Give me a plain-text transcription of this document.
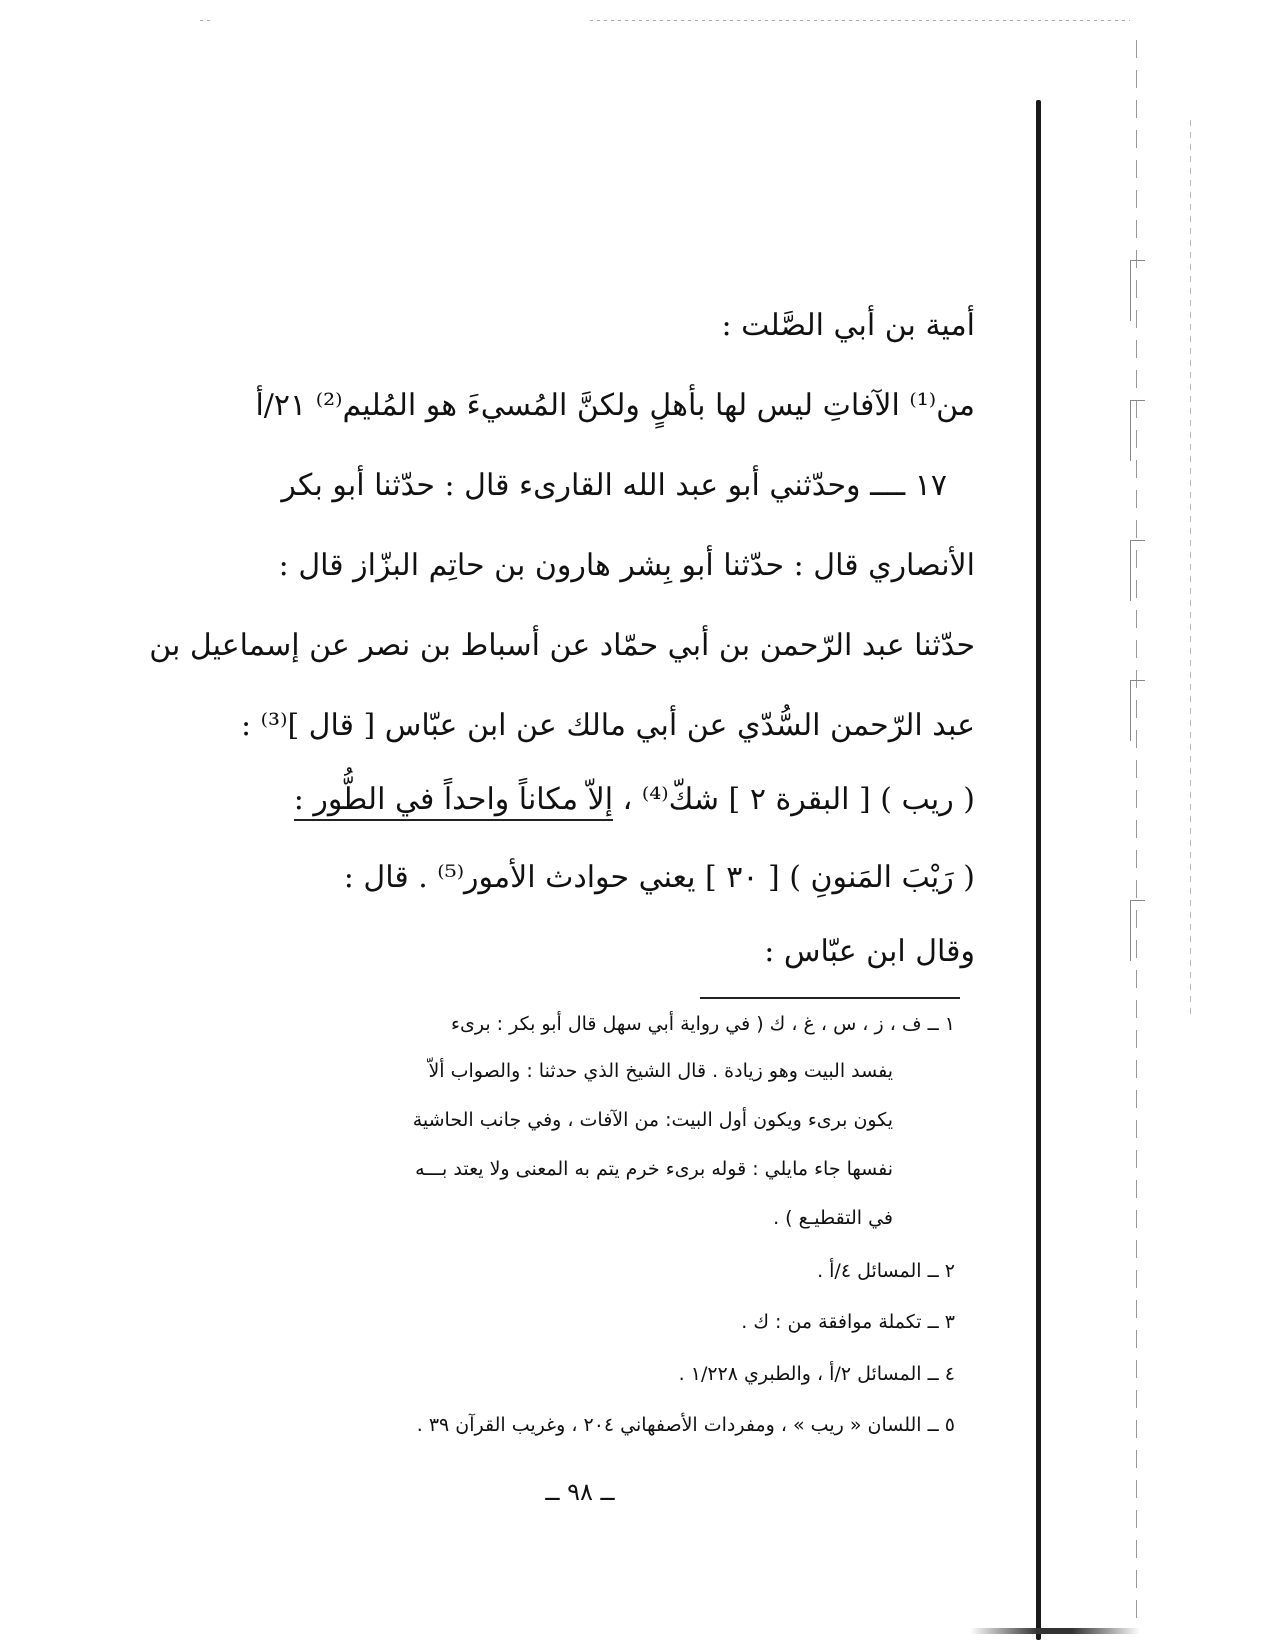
أمية بن أبي الصَّلت :
من⁽¹⁾ الآفاتِ ليس لها بأهلٍ ولكنَّ المُسيءَ هو المُليم⁽²⁾ ٢١/أ
١٧ ــــ وحدّثني أبو عبد الله القارىء قال : حدّثنا أبو بكر
الأنصاري قال : حدّثنا أبو بِشر هارون بن حاتِم البزّاز قال :
حدّثنا عبد الرّحمن بن أبي حمّاد عن أسباط بن نصر عن إسماعيل بن
عبد الرّحمن السُّدّي عن أبي مالك عن ابن عبّاس [ قال ]⁽³⁾ :
( ريب ) [ البقرة ٢ ] شكّ⁽⁴⁾ ، إلاّ مكاناً واحداً في الطُّور :
( رَيْبَ المَنونِ ) [ ٣٠ ] يعني حوادث الأمور⁽⁵⁾ . قال :
وقال ابن عبّاس :
١ ــ ف ، ز ، س ، غ ، ك ( في رواية أبي سهل قال أبو بكر : برىء
يفسد البيت وهو زيادة . قال الشيخ الذي حدثنا : والصواب ألاّ
يكون برىء ويكون أول البيت: من الآفات ، وفي جانب الحاشية
نفسها جاء مايلي : قوله برىء خرم يتم به المعنى ولا يعتد بـــه
في التقطيـع ) .
٢ ــ المسائل ٤/أ .
٣ ــ تكملة موافقة من : ك .
٤ ــ المسائل ٢/أ ، والطبري ١/٢٢٨ .
٥ ــ اللسان « ريب » ، ومفردات الأصفهاني ٢٠٤ ، وغريب القرآن ٣٩ .
ــ ٩٨ ــ
